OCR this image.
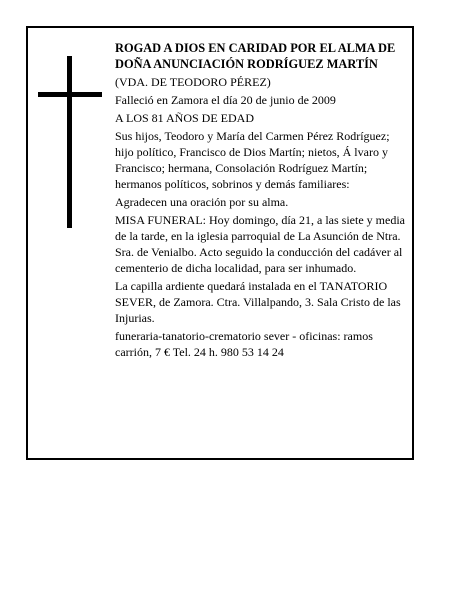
ROGAD A DIOS EN CARIDAD POR EL ALMA DE DOÑA ANUNCIACIÓN RODRÍGUEZ MARTÍN

(VDA. DE TEODORO PÉREZ)

Falleció en Zamora el día 20 de junio de 2009

A LOS 81 AÑOS DE EDAD

Sus hijos, Teodoro y María del Carmen Pérez Rodríguez; hijo político, Francisco de Dios Martín; nietos, Á lvaro y Francisco; hermana, Consolación Rodríguez Martín; hermanos políticos, sobrinos y demás familiares:

Agradecen una oración por su alma.

MISA FUNERAL: Hoy domingo, día 21, a las siete y media de la tarde, en la iglesia parroquial de La Asunción de Ntra. Sra. de Venialbo. Acto seguido la conducción del cadáver al cementerio de dicha localidad, para ser inhumado.

La capilla ardiente quedará instalada en el TANATORIO SEVER, de Zamora. Ctra. Villalpando, 3. Sala Cristo de las Injurias.

funeraria-tanatorio-crematorio sever - oficinas: ramos carrión, 7 € Tel. 24 h. 980 53 14 24
